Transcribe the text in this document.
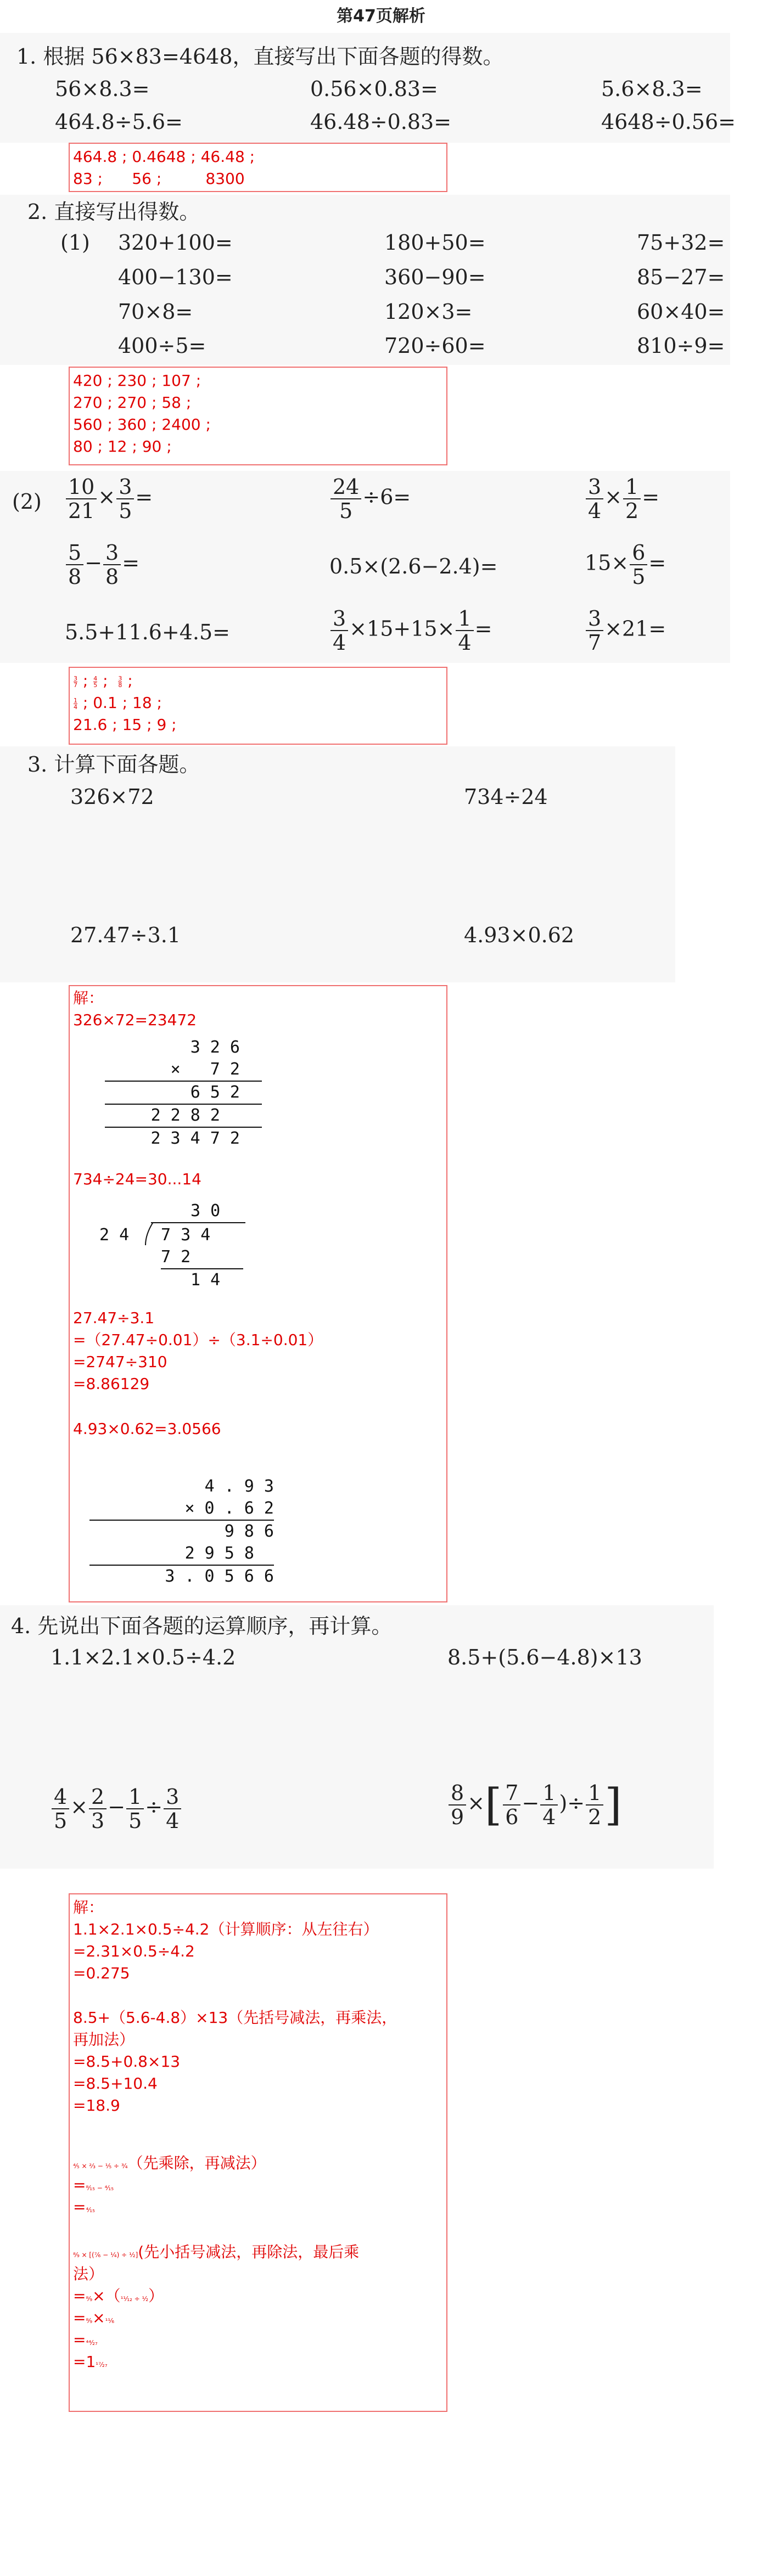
第47页解析
1. 根据 56×83=4648，直接写出下面各题的得数。
56×8.3=	0.56×0.83=	5.6×8.3=
464.8÷5.6=	46.48÷0.83=	4648÷0.56=
464.8 ; 0.4648 ; 46.48 ;
83 ;      56 ;         8300
2. 直接写出得数。
(1) 320+100=	180+50=	75+32=
400−130=	360−90=	85−27=
70×8=	120×3=	60×40=
400÷5=	720÷60=	810÷9=
420 ; 230 ; 107 ;
270 ; 270 ; 58 ;
560 ; 360 ; 2400 ;
80 ; 12 ; 90 ;
$(2) \frac{10}{21} \times \frac{3}{5}$ =	$\frac{24}{5} \div 6=$	$\frac{3}{4} \times \frac{1}{2}$ =
$\frac{5}{8} - \frac{3}{8}$ =	0.5×(2.6−2.4)=	$15\times \frac{6}{5}$ =
5.5+11.6+4.5=	$\frac{3}{4} \times 15+15\times \frac{1}{4}$ =	$\frac{3}{7} \times 21=$
$\frac{3}{7}$ ; $\frac{4}{5}$ ; $\frac{3}{8}$ ;
$\frac{1}{4}$ ; 0.1 ; 18 ;
21.6 ; 15 ; 9 ;
3. 计算下面各题。
326×72	734÷24
27.47÷3.1	4.93×0.62
解：
326×72=23472
3 2 6
×   7 2
6 5 2
2 2 8 2
2 3 4 7 2
734÷24=30...14
3 0
2 4 7 3 4
7 2
1 4
27.47÷3.1
=（27.47÷0.01）÷（3.1÷0.01）
=2747÷310
=8.86129
4.93×0.62=3.0566
4 . 9 3
× 0 . 6 2
9 8 6
2 9 5 8
3 . 0 5 6 6
4. 先说出下面各题的运算顺序，再计算。
1.1×2.1×0.5÷4.2	8.5+(5.6−4.8)×13
$\frac{4}{5} \times \frac{2}{3} - \frac{1}{5} \div \frac{3}{4}$	$\frac{8}{9}$ ×[ $\frac{7}{6} - \frac{1}{4}$ )÷ $\frac{1}{2}$ ]
解：
1.1×2.1×0.5÷4.2（计算顺序：从左往右）
=2.31×0.5÷4.2
=0.275
8.5+（5.6-4.8）×13（先括号减法，再乘法，
再加法）
=8.5+0.8×13
=8.5+10.4
=18.9
⁴⁄₅ × ²⁄₃ − ¹⁄₅ ÷ ³⁄₄（先乘除，再减法）
=⁸⁄₁₅ − ⁴⁄₁₅
=⁴⁄₁₅
⁸⁄₉ × [(⁷⁄₆ − ¹⁄₄) ÷ ¹⁄₂](先小括号减法，再除法，最后乘
法）
=⁸⁄₉×（¹¹⁄₁₂ ÷ ¹⁄₂）
=⁸⁄₉×¹¹⁄₆
=⁴⁴⁄₂₇
=1¹⁷⁄₂₇
